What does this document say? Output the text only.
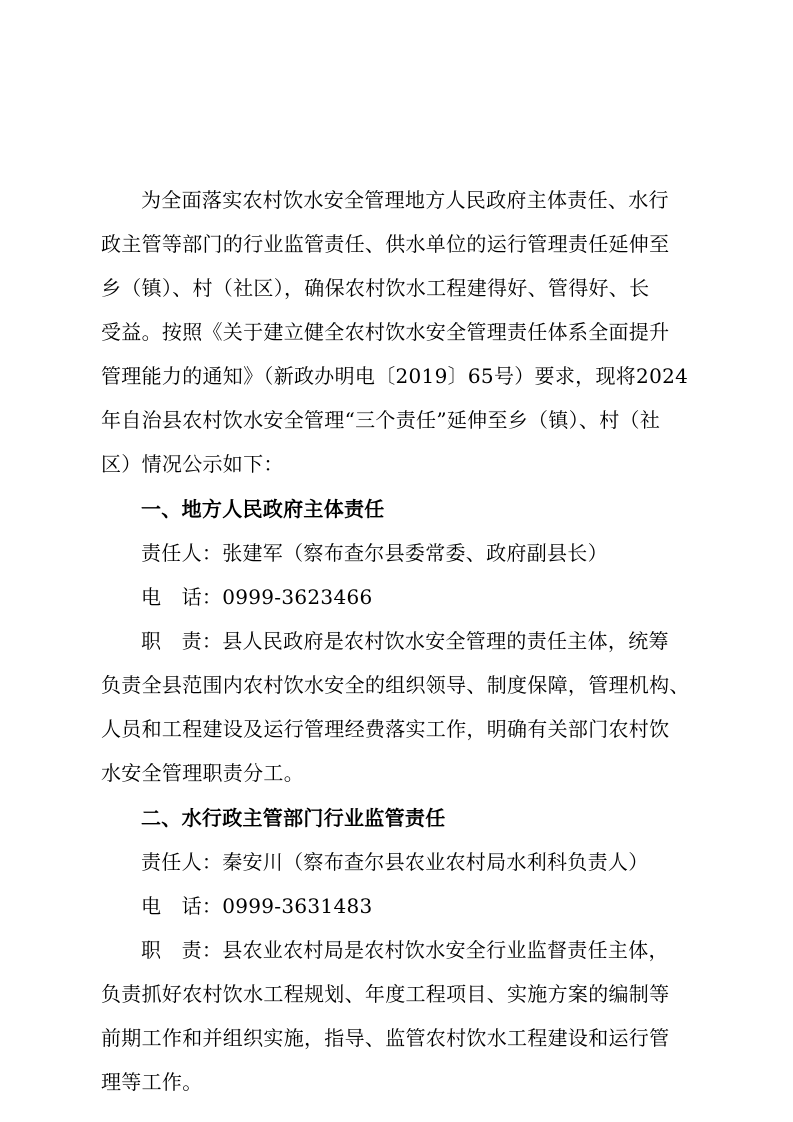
为全面落实农村饮水安全管理地方人民政府主体责任、水行
政主管等部门的行业监管责任、供水单位的运行管理责任延伸至
乡（镇）、村（社区），确保农村饮水工程建得好、管得好、长
受益。按照《关于建立健全农村饮水安全管理责任体系全面提升
管理能力的通知》（新政办明电〔2019〕65号）要求，现将2024
年自治县农村饮水安全管理“三个责任”延伸至乡（镇）、村（社
区）情况公示如下：
一、地方人民政府主体责任
责任人：张建军（察布查尔县委常委、政府副县长）
电　话：0999-3623466
职　责：县人民政府是农村饮水安全管理的责任主体，统筹
负责全县范围内农村饮水安全的组织领导、制度保障，管理机构、
人员和工程建设及运行管理经费落实工作，明确有关部门农村饮
水安全管理职责分工。
二、水行政主管部门行业监管责任
责任人：秦安川（察布查尔县农业农村局水利科负责人）
电　话：0999-3631483
职　责：县农业农村局是农村饮水安全行业监督责任主体，
负责抓好农村饮水工程规划、年度工程项目、实施方案的编制等
前期工作和并组织实施，指导、监管农村饮水工程建设和运行管
理等工作。
